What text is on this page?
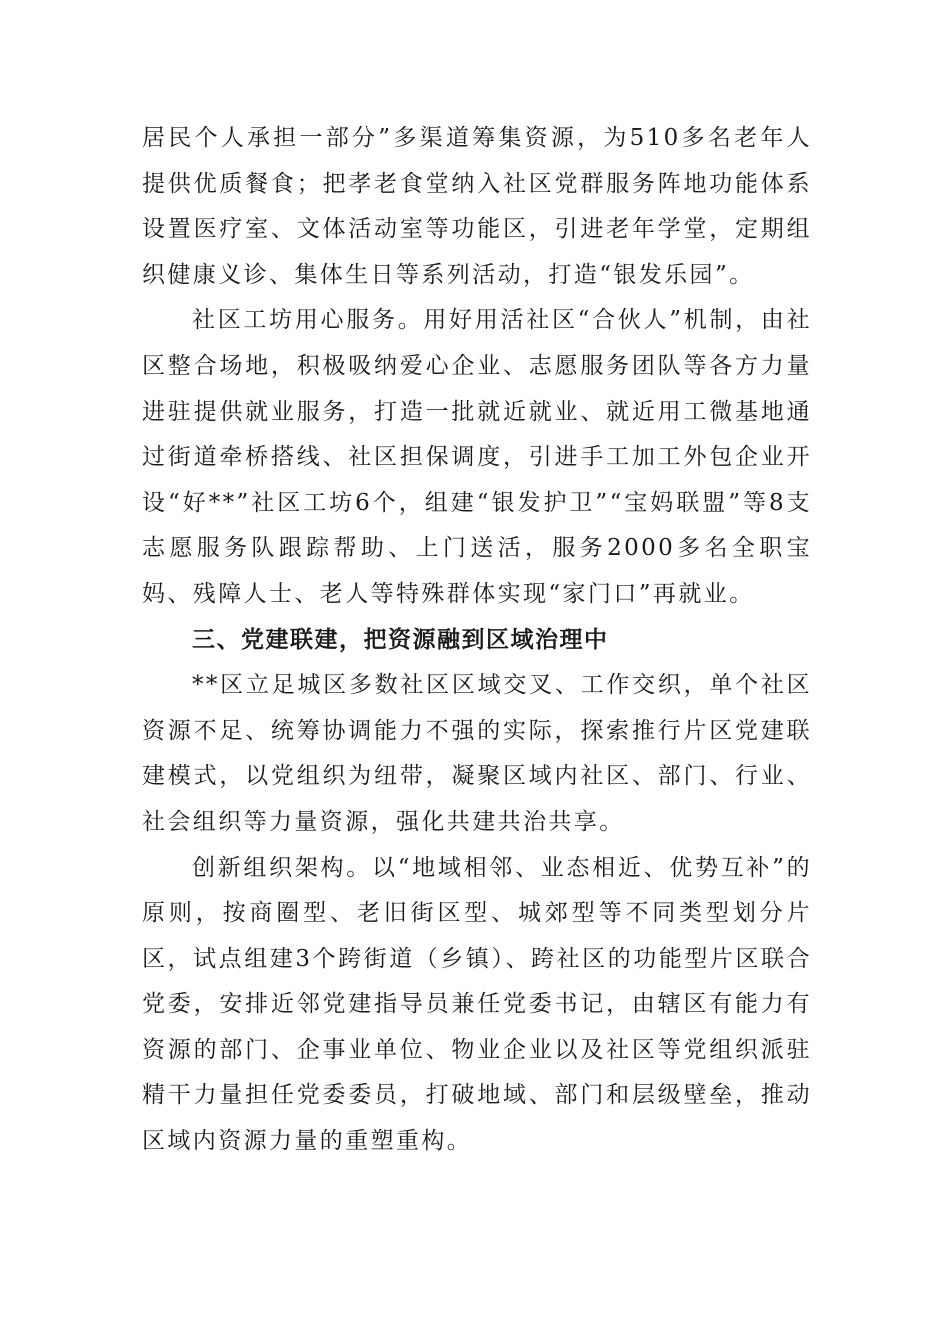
居民个人承担一部分”多渠道筹集资源，为510多名老年人提供优质餐食；把孝老食堂纳入社区党群服务阵地功能体系设置医疗室、文体活动室等功能区，引进老年学堂，定期组织健康义诊、集体生日等系列活动，打造“银发乐园”。

社区工坊用心服务。用好用活社区“合伙人”机制，由社区整合场地，积极吸纳爱心企业、志愿服务团队等各方力量进驻提供就业服务，打造一批就近就业、就近用工微基地通过街道牵桥搭线、社区担保调度，引进手工加工外包企业开设“好**”社区工坊6个，组建“银发护卫”“宝妈联盟”等8支志愿服务队跟踪帮助、上门送活，服务2000多名全职宝妈、残障人士、老人等特殊群体实现“家门口”再就业。

三、党建联建，把资源融到区域治理中

**区立足城区多数社区区域交叉、工作交织，单个社区资源不足、统筹协调能力不强的实际，探索推行片区党建联建模式，以党组织为纽带，凝聚区域内社区、部门、行业、社会组织等力量资源，强化共建共治共享。

创新组织架构。以“地域相邻、业态相近、优势互补”的原则，按商圈型、老旧街区型、城郊型等不同类型划分片区，试点组建3个跨街道（乡镇）、跨社区的功能型片区联合党委，安排近邻党建指导员兼任党委书记，由辖区有能力有资源的部门、企事业单位、物业企业以及社区等党组织派驻精干力量担任党委委员，打破地域、部门和层级壁垒，推动区域内资源力量的重塑重构。
